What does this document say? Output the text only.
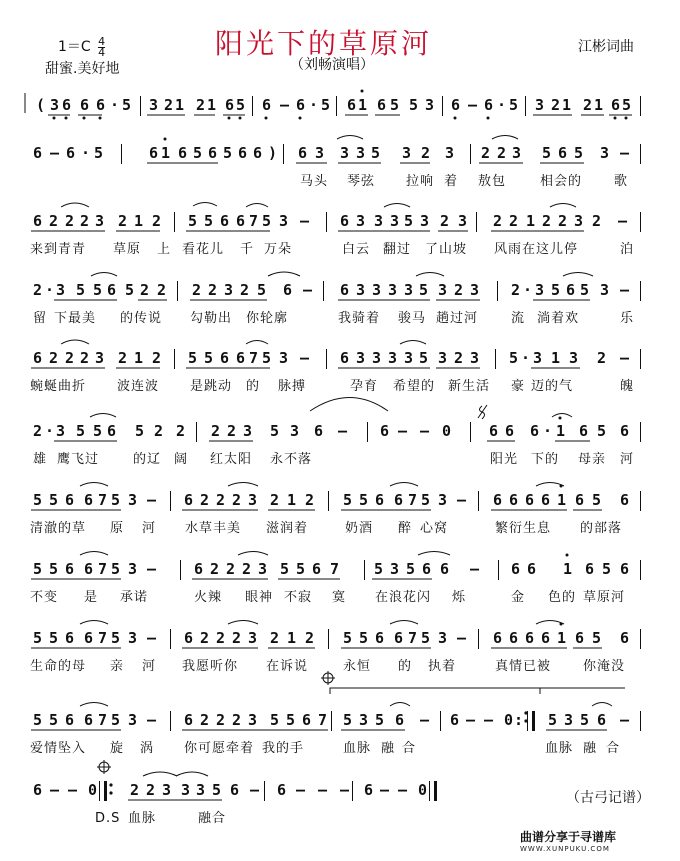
阳光下的草原河
$1=C \frac{4}{4}$
甜蜜.美好地	（刘畅演唱）
江彬词曲
（古弓记谱）
曲谱分享于寻谱库
WWW.XUNPUKU.COM
( 3 6 6 6 · 5 3 2 1 2 1 6 5 6 – 6 · 5 6 1 6 5 5 3 6 – 6 · 5 3 2 1 2 1 6 5
6 – 6 · 5	6 1 6 5 6 5 6 6 ) 6 3 3 3 5 3 2 3 2 2 3 5 6 5 3 –
马头 琴弦 拉响 着 敖包	相会的 歌
6 2 2 2 3 2 1 2 5 5 6 6 7 5 3 – 6 3 3 3 5 3 2 3 2 2 1 2 2 3 2 –
来到青青 草原 上 看花儿 千 万朵	白云 翻过 了山坡 风雨在这儿停	泊
2 · 3 5 5 6 5 2 2 2 2 3 2 5 6 – 6 3 3 3 3 5 3 2 3 2 · 3 5 6 5 3 –
留 下最美 的传说 勾勒出 你轮廓	我骑着 骏马 趟过河	流 淌着欢	乐
6 2 2 2 3 2 1 2 5 5 6 6 7 5 3 – 6 3 3 3 3 5 3 2 3 5 · 3 1 3 2 –
蜿蜒曲折 波连波 是跳动 的 脉搏	孕育 希望的 新生活 豪 迈的气	魄
2 · 3 5 5 6 5 2 2 2 2 3 5 3 6 – 6 – – 0	6 6 6 · 1 6 5 6
雄 鹰飞过	的辽 阔 红太阳 永不落	阳光 下的 母亲 河
5 5 6 6 7 5 3 – 6 2 2 2 3 2 1 2 5 5 6 6 7 5 3 – 6 6 6 6 1 6 5 6
清澈的草 原 河 水草丰美 滋润着	奶酒 醉 心窝	繁衍生息 的部落
5 5 6 6 7 5 3 –	6 2 2 2 3 5 5 6 7 5 3 5 6 6 – 6 6 1 6 5 6
不变 是 承诺	火辣 眼神 不寂 寞 在浪花闪 烁	金 色的 草原河
5 5 6 6 7 5 3 – 6 2 2 2 3 2 1 2 5 5 6 6 7 5 3 – 6 6 6 6 1 6 5 6
生命的母 亲 河 我愿听你 在诉说	永恒 的 执着	真情已被 你淹没
5 5 6 6 7 5 3 – 6 2 2 2 3 5 5 6 7 5 3 5 6 – 6 – – 0 : 5 3 5 6 –
爱情坠入 旋 涡 你可愿牵着 我的手	血脉 融 合	血脉 融 合
6 – – 0 2 2 3 3 3 5 6 – 6 – – – 6 – – 0
D.S 血脉	融合
